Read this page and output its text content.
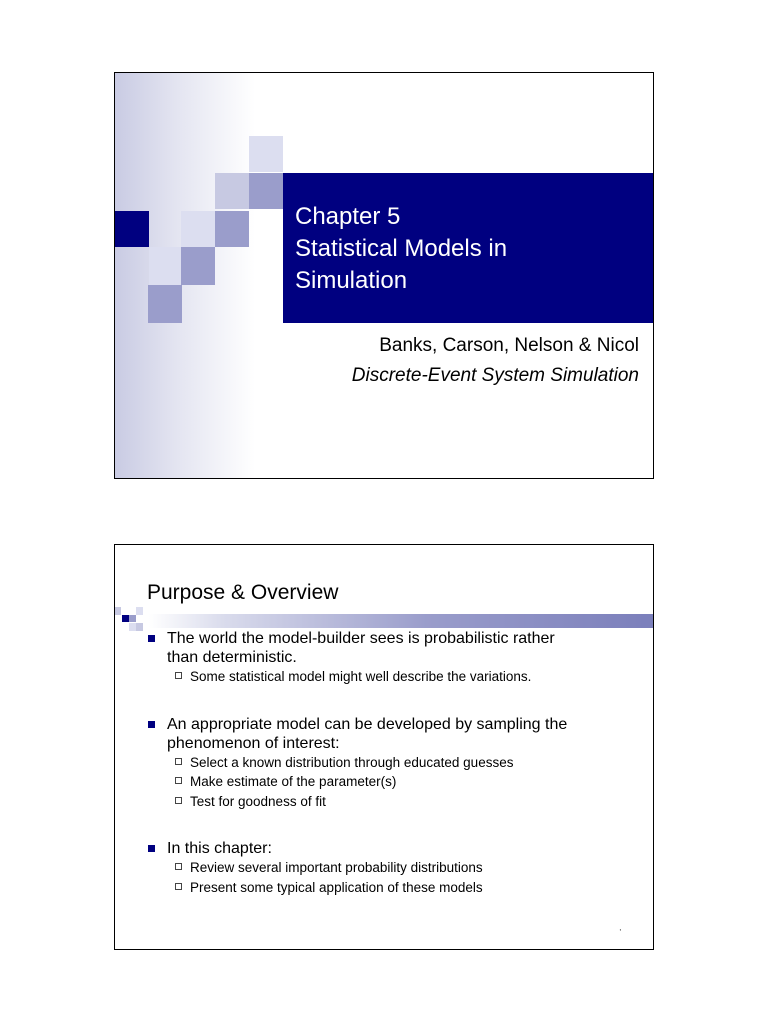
Chapter 5
Statistical Models in
Simulation
Banks, Carson, Nelson & Nicol
Discrete-Event System Simulation
Purpose & Overview
The world the model-builder sees is probabilistic rather
than deterministic.
Some statistical model might well describe the variations.
An appropriate model can be developed by sampling the
phenomenon of interest:
Select a known distribution through educated guesses
Make estimate of the parameter(s)
Test for goodness of fit
In this chapter:
Review several important probability distributions
Present some typical application of these models
'
